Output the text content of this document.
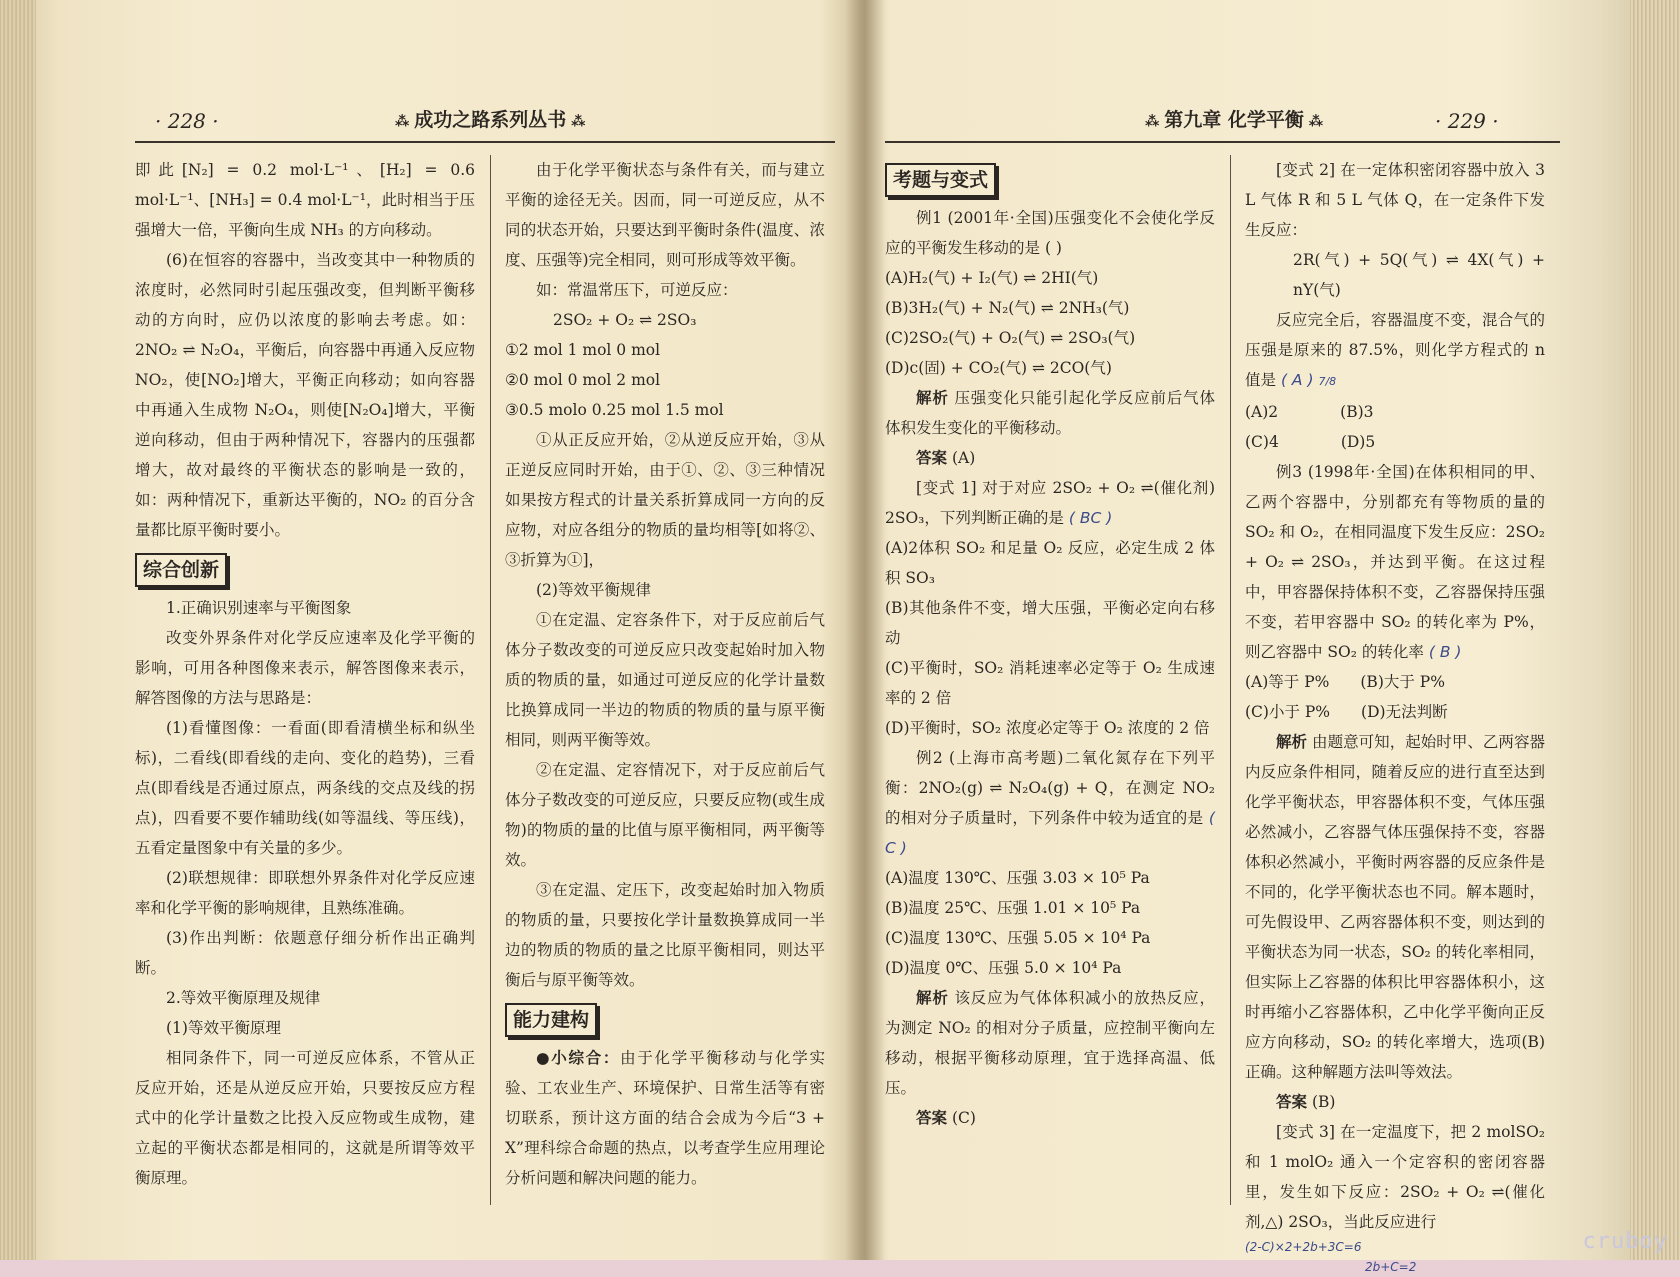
· 228 ·	⁂ 成功之路系列丛书 ⁂

即此[N₂] = 0.2 mol·L⁻¹、[H₂] = 0.6 mol·L⁻¹、[NH₃] = 0.4 mol·L⁻¹，此时相当于压强增大一倍，平衡向生成 NH₃ 的方向移动。

(6)在恒容的容器中，当改变其中一种物质的浓度时，必然同时引起压强改变，但判断平衡移动的方向时，应仍以浓度的影响去考虑。如：2NO₂ ⇌ N₂O₄，平衡后，向容器中再通入反应物 NO₂，使[NO₂]增大，平衡正向移动；如向容器中再通入生成物 N₂O₄，则使[N₂O₄]增大，平衡逆向移动，但由于两种情况下，容器内的压强都增大，故对最终的平衡状态的影响是一致的，如：两种情况下，重新达平衡的，NO₂ 的百分含量都比原平衡时要小。

综合创新

1.正确识别速率与平衡图象

改变外界条件对化学反应速率及化学平衡的影响，可用各种图像来表示，解答图像来表示，解答图像的方法与思路是：

(1)看懂图像：一看面(即看清横坐标和纵坐标)，二看线(即看线的走向、变化的趋势)，三看点(即看线是否通过原点，两条线的交点及线的拐点)，四看要不要作辅助线(如等温线、等压线)，五看定量图象中有关量的多少。

(2)联想规律：即联想外界条件对化学反应速率和化学平衡的影响规律，且熟练准确。

(3)作出判断：依题意仔细分析作出正确判断。

2.等效平衡原理及规律

(1)等效平衡原理

相同条件下，同一可逆反应体系，不管从正反应开始，还是从逆反应开始，只要按反应方程式中的化学计量数之比投入反应物或生成物，建立起的平衡状态都是相同的，这就是所谓等效平衡原理。

由于化学平衡状态与条件有关，而与建立平衡的途径无关。因而，同一可逆反应，从不同的状态开始，只要达到平衡时条件(温度、浓度、压强等)完全相同，则可形成等效平衡。

如：常温常压下，可逆反应：

2SO₂ + O₂ ⇌ 2SO₃

①2 mol 1 mol 0 mol

②0 mol 0 mol 2 mol

③0.5 molo 0.25 mol 1.5 mol

①从正反应开始，②从逆反应开始，③从正逆反应同时开始，由于①、②、③三种情况如果按方程式的计量关系折算成同一方向的反应物，对应各组分的物质的量均相等[如将②、③折算为①]，

(2)等效平衡规律

①在定温、定容条件下，对于反应前后气体分子数改变的可逆反应只改变起始时加入物质的物质的量，如通过可逆反应的化学计量数比换算成同一半边的物质的物质的量与原平衡相同，则两平衡等效。

②在定温、定容情况下，对于反应前后气体分子数改变的可逆反应，只要反应物(或生成物)的物质的量的比值与原平衡相同，两平衡等效。

③在定温、定压下，改变起始时加入物质的物质的量，只要按化学计量数换算成同一半边的物质的物质的量之比原平衡相同，则达平衡后与原平衡等效。

能力建构

●小综合：由于化学平衡移动与化学实验、工农业生产、环境保护、日常生活等有密切联系，预计这方面的结合会成为今后“3 + X”理科综合命题的热点，以考查学生应用理论分析问题和解决问题的能力。

⁂ 第九章 化学平衡 ⁂	· 229 ·
考题与变式

例1 (2001年·全国)压强变化不会使化学反应的平衡发生移动的是 ( )

(A)H₂(气) + I₂(气) ⇌ 2HI(气)

(B)3H₂(气) + N₂(气) ⇌ 2NH₃(气)

(C)2SO₂(气) + O₂(气) ⇌ 2SO₃(气)

(D)c(固) + CO₂(气) ⇌ 2CO(气)

解析 压强变化只能引起化学反应前后气体体积发生变化的平衡移动。

答案 (A)

[变式 1] 对于对应 2SO₂ + O₂ ⇌(催化剂) 2SO₃，下列判断正确的是 ( BC )

(A)2体积 SO₂ 和足量 O₂ 反应，必定生成 2 体积 SO₃

(B)其他条件不变，增大压强，平衡必定向右移动

(C)平衡时，SO₂ 消耗速率必定等于 O₂ 生成速率的 2 倍

(D)平衡时，SO₂ 浓度必定等于 O₂ 浓度的 2 倍

例2 (上海市高考题)二氧化氮存在下列平衡：2NO₂(g) ⇌ N₂O₄(g) + Q，在测定 NO₂ 的相对分子质量时，下列条件中较为适宜的是 ( C )

(A)温度 130℃、压强 3.03 × 10⁵ Pa

(B)温度 25℃、压强 1.01 × 10⁵ Pa

(C)温度 130℃、压强 5.05 × 10⁴ Pa

(D)温度 0℃、压强 5.0 × 10⁴ Pa

解析 该反应为气体体积减小的放热反应，为测定 NO₂ 的相对分子质量，应控制平衡向左移动，根据平衡移动原理，宜于选择高温、低压。

答案 (C)

[变式 2] 在一定体积密闭容器中放入 3 L 气体 R 和 5 L 气体 Q，在一定条件下发生反应：

2R(气) + 5Q(气) ⇌ 4X(气) + nY(气)

反应完全后，容器温度不变，混合气的压强是原来的 87.5%，则化学方程式的 n 值是 ( A ) 7/8

(A)2    	(B)3

(C)4    	(D)5

例3 (1998年·全国)在体积相同的甲、乙两个容器中，分别都充有等物质的量的 SO₂ 和 O₂，在相同温度下发生反应：2SO₂ + O₂ ⇌ 2SO₃，并达到平衡。在这过程中，甲容器保持体积不变，乙容器保持压强不变，若甲容器中 SO₂ 的转化率为 P%，则乙容器中 SO₂ 的转化率 ( B )

(A)等于 P%   (B)大于 P%

(C)小于 P%   (D)无法判断

解析 由题意可知，起始时甲、乙两容器内反应条件相同，随着反应的进行直至达到化学平衡状态，甲容器体积不变，气体压强必然减小，乙容器气体压强保持不变，容器体积必然减小，平衡时两容器的反应条件是不同的，化学平衡状态也不同。解本题时，可先假设甲、乙两容器体积不变，则达到的平衡状态为同一状态，SO₂ 的转化率相同，但实际上乙容器的体积比甲容器体积小，这时再缩小乙容器体积，乙中化学平衡向正反应方向移动，SO₂ 的转化率增大，选项(B)正确。这种解题方法叫等效法。

答案 (B)

[变式 3] 在一定温度下，把 2 molSO₂ 和 1 molO₂ 通入一个定容积的密闭容器里，发生如下反应：2SO₂ + O₂ ⇌(催化剂,△) 2SO₃，当此反应进行

(2-C)×2+2b+3C=6

2b+C=2

cruboy
